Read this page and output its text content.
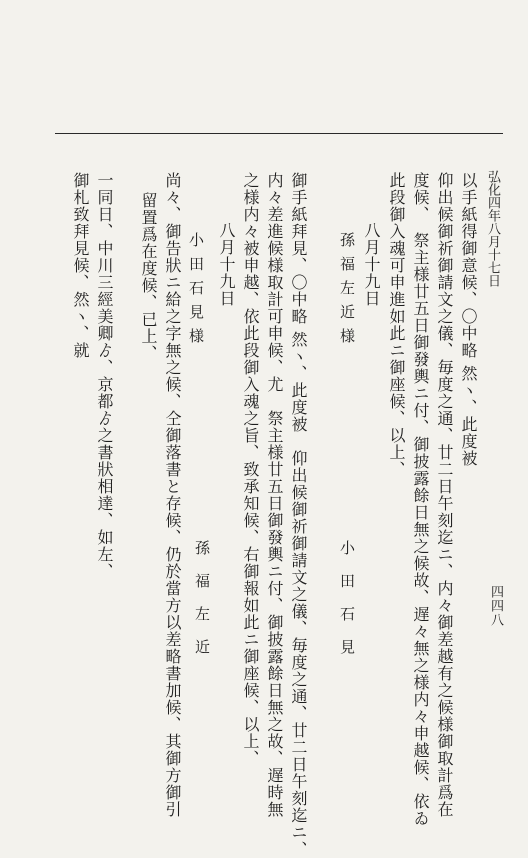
四四八
弘化四年八月十七日
以手紙得御意候、〇中略 然ヽ、此度被
仰出候御祈御請文之儀、毎度之通、廿二日午刻迄ニ、内々御差越有之候様御取計爲在
度候、　祭主様廿五日御發輿ニ付、御披露餘日無之候故、遅々無之様内々申越候、依ゐ
此段御入魂可申進如此ニ御座候、以上、
八月十九日
孫福左近様
小田石見
御手紙拜見、〇中略 然ヽ、此度被　仰出候御祈御請文之儀、毎度之通、廿二日午刻迄ニ、
内々差進候様取計可申候、尤　祭主様廿五日御發輿ニ付、御披露餘日無之故、遅時無
之様内々被申越、依此段御入魂之旨、致承知候、右御報如此ニ御座候、以上、
八月十九日
孫福左近
小田石見様
尚々、御告狀ニ給之字無之候、仝御落書と存候、仍於當方以差略書加候、其御方御引
留置爲在度候、已上、
一同日、中川三經美卿ゟ、京都ゟ之書狀相達、如左、
御札致拜見候、然ヽ、就
